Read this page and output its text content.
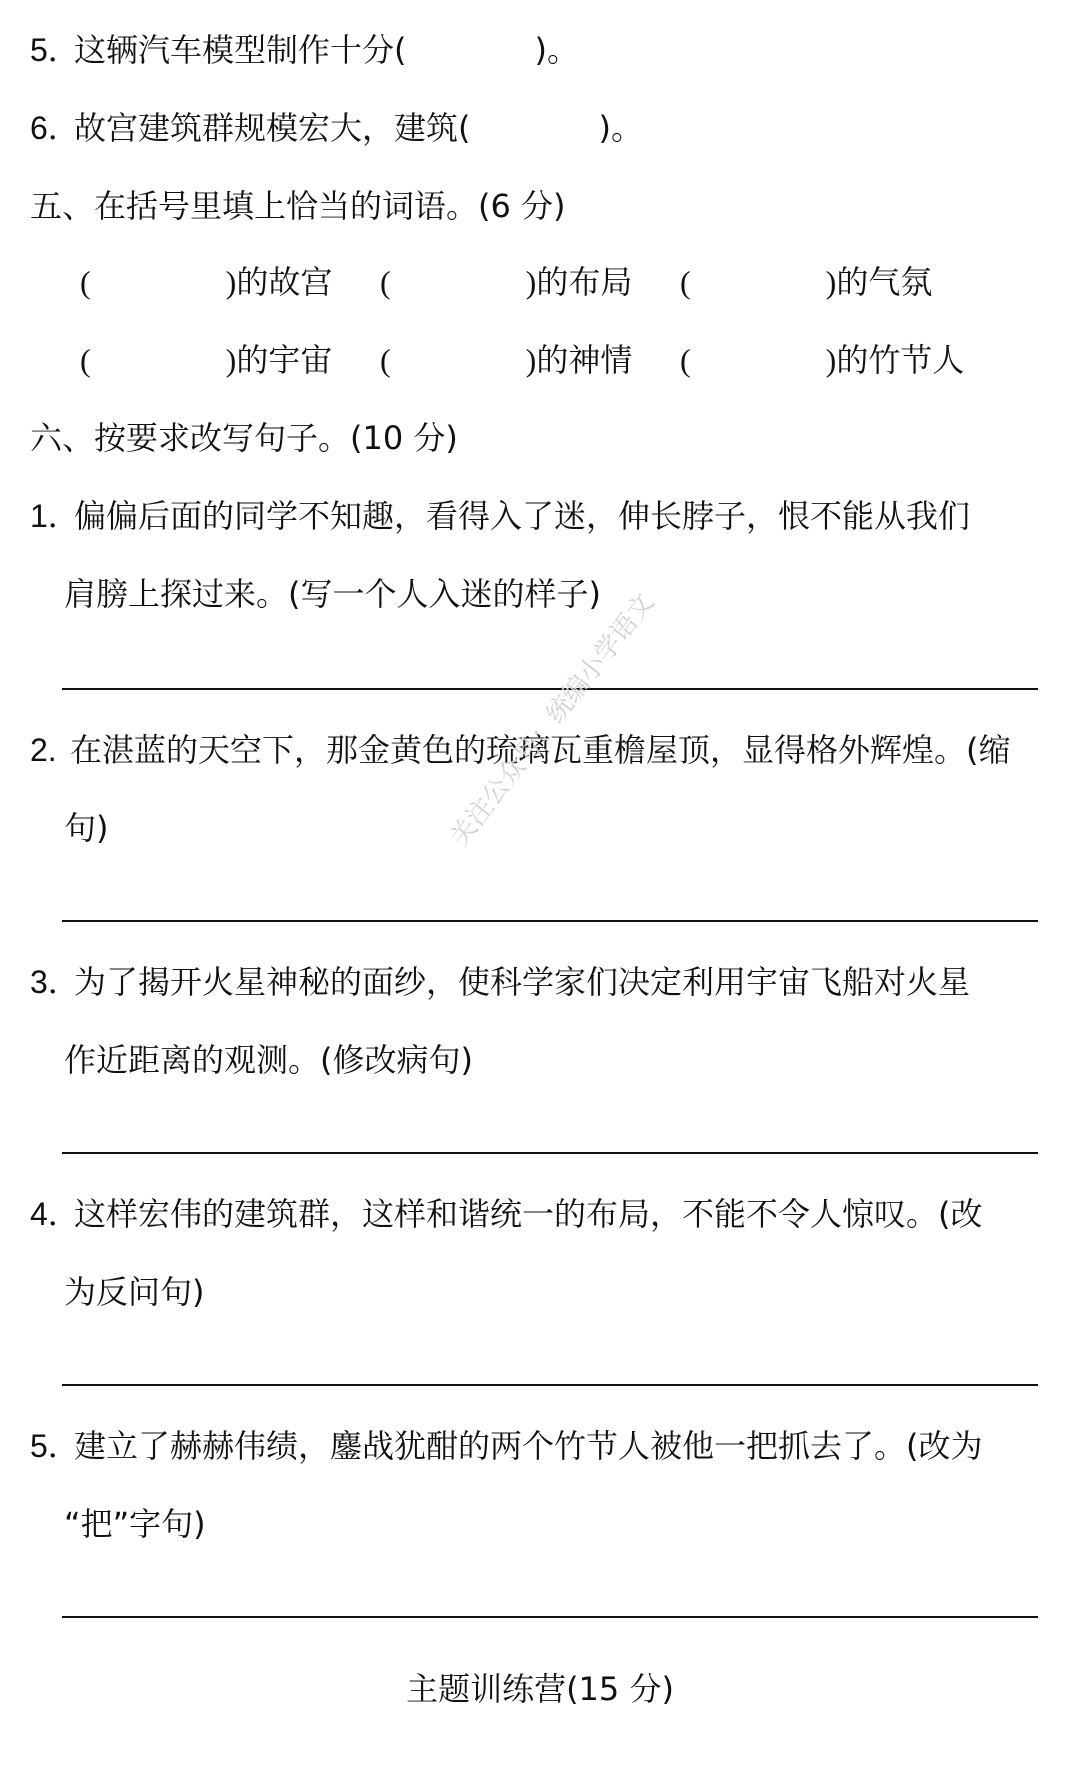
5．这辆汽车模型制作十分(　　　　)。
6．故宫建筑群规模宏大，建筑(　　　　)。
五、在括号里填上恰当的词语。(6 分)
(	)的故宫 (	)的布局 (	)的气氛
(	)的宇宙 (	)的神情 (	)的竹节人
六、按要求改写句子。(10 分)
1．偏偏后面的同学不知趣，看得入了迷，伸长脖子，恨不能从我们
肩膀上探过来。(写一个人入迷的样子)
2. 在湛蓝的天空下，那金黄色的琉璃瓦重檐屋顶，显得格外辉煌。(缩
句)
3．为了揭开火星神秘的面纱，使科学家们决定利用宇宙飞船对火星
作近距离的观测。(修改病句)
4．这样宏伟的建筑群，这样和谐统一的布局，不能不令人惊叹。(改
为反问句)
5．建立了赫赫伟绩，鏖战犹酣的两个竹节人被他一把抓去了。(改为
“把”字句)
关注公众号：统编小学语文
主题训练营(15 分)
